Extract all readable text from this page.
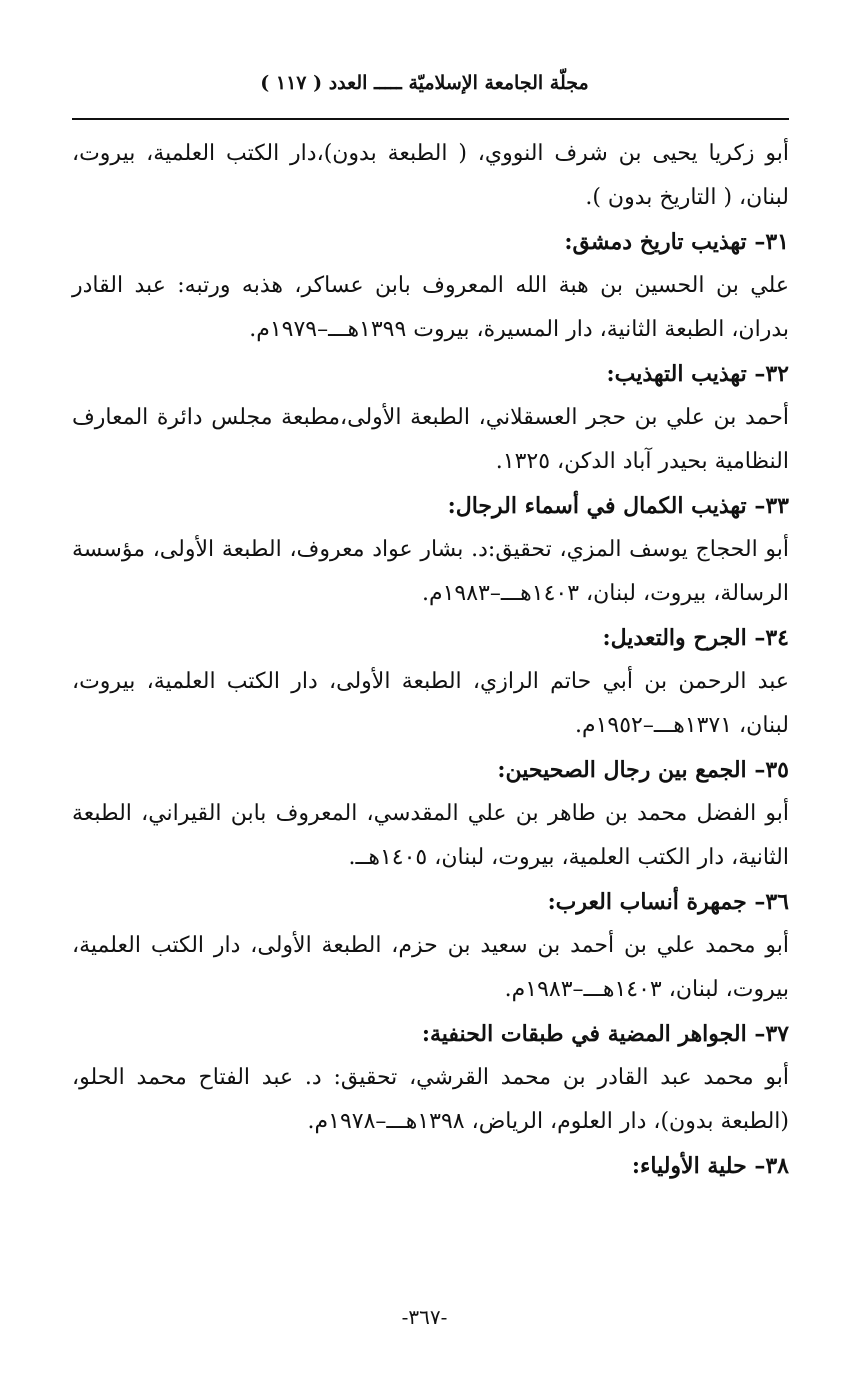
مجلّة الجامعة الإسلاميّة ـــــ العدد ( ١١٧ )

أبو زكريا يحيى بن شرف النووي، ( الطبعة بدون)،دار الكتب العلمية، بيروت، لبنان، ( التاريخ بدون ).

٣١– تهذيب تاريخ دمشق:

علي بن الحسين بن هبة الله المعروف بابن عساكر، هذبه ورتبه: عبد القادر بدران، الطبعة الثانية، دار المسيرة، بيروت ١٣٩٩هـــ–١٩٧٩م.

٣٢– تهذيب التهذيب:

أحمد بن علي بن حجر العسقلاني، الطبعة الأولى،مطبعة مجلس دائرة المعارف النظامية بحيدر آباد الدكن، ١٣٢٥.

٣٣– تهذيب الكمال في أسماء الرجال:

أبو الحجاج يوسف المزي، تحقيق:د. بشار عواد معروف، الطبعة الأولى، مؤسسة الرسالة، بيروت، لبنان، ١٤٠٣هـــ–١٩٨٣م.

٣٤– الجرح والتعديل:

عبد الرحمن بن أبي حاتم الرازي، الطبعة الأولى، دار الكتب العلمية، بيروت، لبنان، ١٣٧١هـــ–١٩٥٢م.

٣٥– الجمع بين رجال الصحيحين:

أبو الفضل محمد بن طاهر بن علي المقدسي، المعروف بابن القيراني، الطبعة الثانية، دار الكتب العلمية، بيروت، لبنان، ١٤٠٥هــ.

٣٦– جمهرة أنساب العرب:

أبو محمد علي بن أحمد بن سعيد بن حزم، الطبعة الأولى، دار الكتب العلمية، بيروت، لبنان، ١٤٠٣هـــ–١٩٨٣م.

٣٧– الجواهر المضية في طبقات الحنفية:

أبو محمد عبد القادر بن محمد القرشي، تحقيق: د. عبد الفتاح محمد الحلو، (الطبعة بدون)، دار العلوم، الرياض، ١٣٩٨هـــ–١٩٧٨م.

٣٨– حلية الأولياء:

-٣٦٧-
